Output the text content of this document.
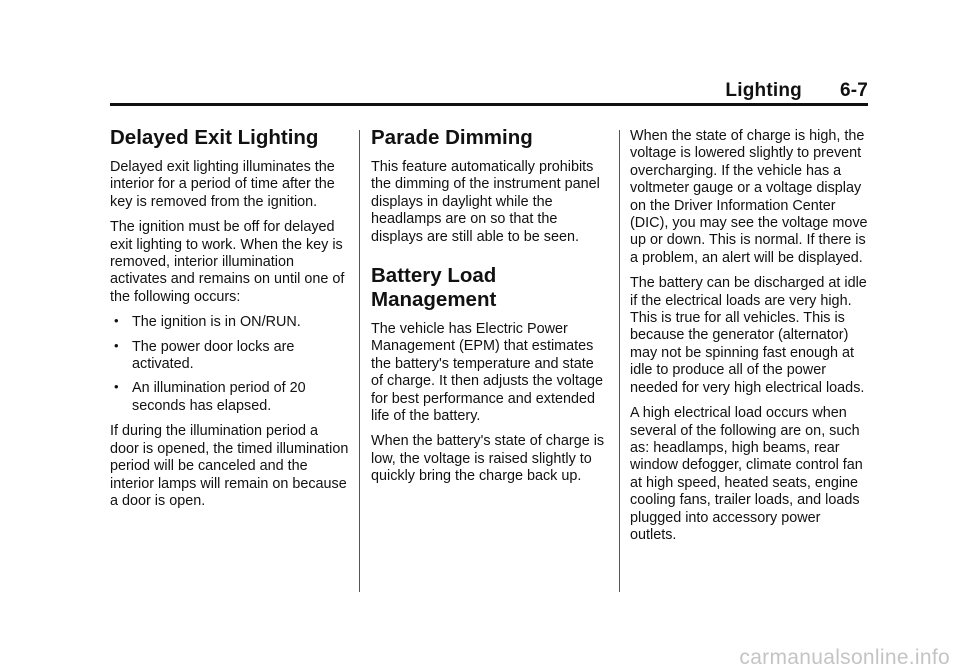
Lighting 6-7
Delayed Exit Lighting

Delayed exit lighting illuminates the interior for a period of time after the key is removed from the ignition.

The ignition must be off for delayed exit lighting to work. When the key is removed, interior illumination activates and remains on until one of the following occurs:

• The ignition is in ON/RUN.
• The power door locks are activated.
• An illumination period of 20 seconds has elapsed.

If during the illumination period a door is opened, the timed illumination period will be canceled and the interior lamps will remain on because a door is open.

Parade Dimming

This feature automatically prohibits the dimming of the instrument panel displays in daylight while the headlamps are on so that the displays are still able to be seen.

Battery Load Management

The vehicle has Electric Power Management (EPM) that estimates the battery's temperature and state of charge. It then adjusts the voltage for best performance and extended life of the battery.

When the battery's state of charge is low, the voltage is raised slightly to quickly bring the charge back up.

When the state of charge is high, the voltage is lowered slightly to prevent overcharging. If the vehicle has a voltmeter gauge or a voltage display on the Driver Information Center (DIC), you may see the voltage move up or down. This is normal. If there is a problem, an alert will be displayed.

The battery can be discharged at idle if the electrical loads are very high. This is true for all vehicles. This is because the generator (alternator) may not be spinning fast enough at idle to produce all of the power needed for very high electrical loads.

A high electrical load occurs when several of the following are on, such as: headlamps, high beams, rear window defogger, climate control fan at high speed, heated seats, engine cooling fans, trailer loads, and loads plugged into accessory power outlets.

carmanualsonline.info
